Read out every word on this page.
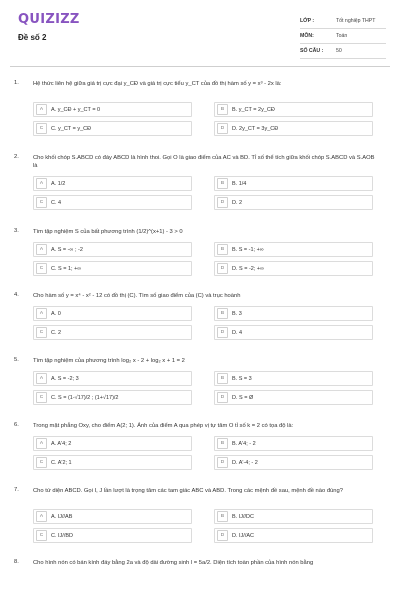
QUIZIZZ
Đề số 2
LỚP :	Tốt nghiệp THPT
MÔN:	Toán
SỐ CÂU :	50
1. Hệ thức liên hệ giữa giá trị cực đại y_CĐ và giá trị cực tiểu y_CT của đồ thị hàm số y = x³ - 2x là:
A	A. y_CĐ + y_CT = 0	B	B. y_CT = 2y_CĐ
C	C. y_CT = y_CĐ	D	D. 2y_CT = 3y_CĐ
2. Cho khối chóp S.ABCD có đáy ABCD là hình thoi. Gọi O là giao điểm của AC và BD. Tỉ số thể tích giữa khối chóp S.ABCD và S.AOB là
A	A. 1/2	B	B. 1/4
C	C. 4	D	D. 2
3. Tìm tập nghiệm S của bất phương trình (1/2)^(x+1) - 3 > 0
A	A. S = -∞ ; -2	B	B. S = -1; +∞
C	C. S = 1; +∞	D	D. S = -2; +∞
4. Cho hàm số y = x⁴ - x² - 12 có đồ thị (C). Tìm số giao điểm của (C) và trục hoành
A	A. 0	B	B. 3
C	C. 2	D	D. 4
5. Tìm tập nghiệm của phương trình log₂ x - 2 + log₂ x + 1 = 2
A	A. S = -2; 3	B	B. S = 3
C	C. S = (1-√17)/2 ; (1+√17)/2	D	D. S = Ø
6. Trong mặt phẳng Oxy, cho điểm A(2; 1). Ảnh của điểm A qua phép vị tự tâm O tỉ số k = 2 có tọa độ là:
A	A. A'4; 2	B	B. A'4; - 2
C	C. A'2; 1	D	D. A'-4; - 2
7. Cho tứ diện ABCD. Gọi I, J lần lượt là trọng tâm các tam giác ABC và ABD. Trong các mệnh đề sau, mệnh đề nào đúng?
A	A. IJ//AB	B	B. IJ//DC
C	C. IJ//BD	D	D. IJ//AC
8. Cho hình nón có bán kính đáy bằng 2a và độ dài đường sinh l = 5a/2. Diện tích toàn phần của hình nón bằng
